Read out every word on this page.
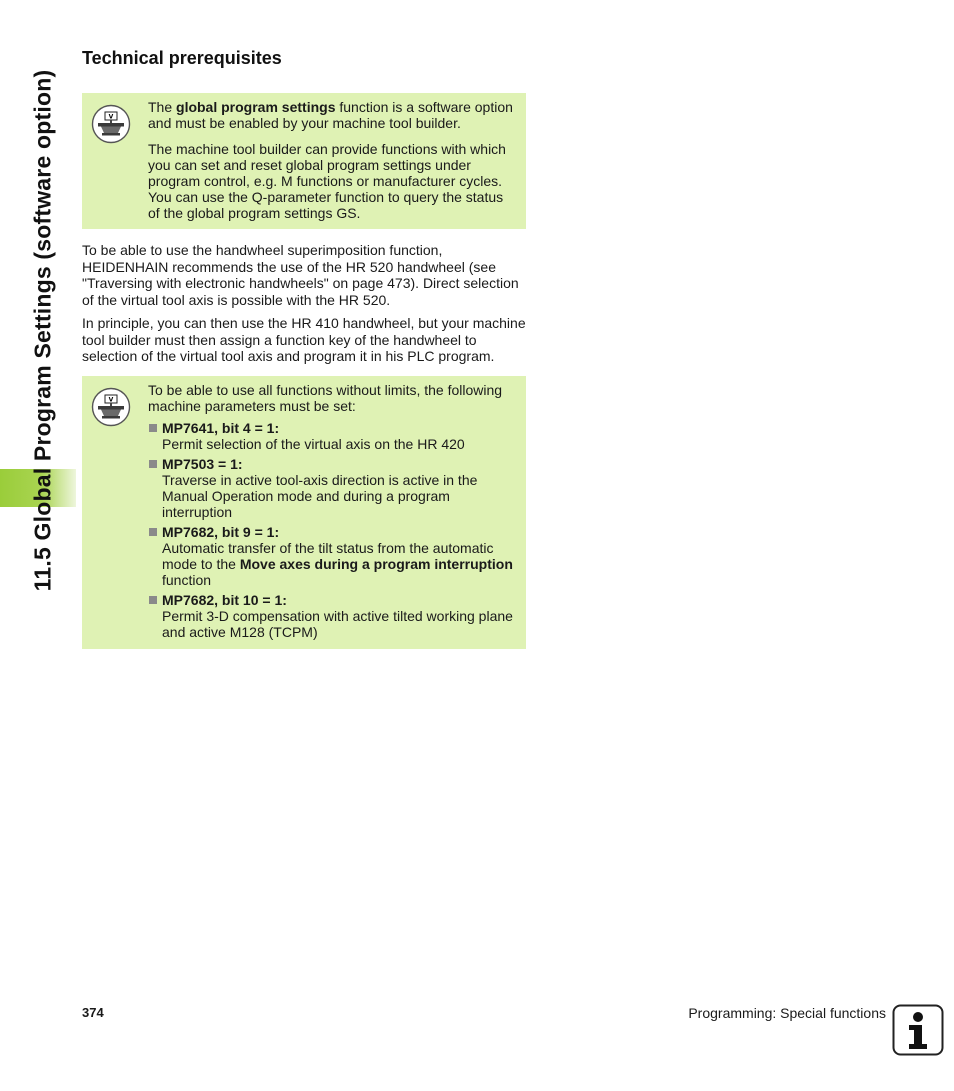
11.5 Global Program Settings (software option)
Technical prerequisites
V

The global program settings function is a software option and must be enabled by your machine tool builder.

The machine tool builder can provide functions with which you can set and reset global program settings under program control, e.g. M functions or manufacturer cycles. You can use the Q-parameter function to query the status of the global program settings GS.

To be able to use the handwheel superimposition function, HEIDENHAIN recommends the use of the HR 520 handwheel (see "Traversing with electronic handwheels" on page 473). Direct selection of the virtual tool axis is possible with the HR 520.

In principle, you can then use the HR 410 handwheel, but your machine tool builder must then assign a function key of the handwheel to selection of the virtual tool axis and program it in his PLC program.

V

To be able to use all functions without limits, the following machine parameters must be set:

MP7641, bit 4 = 1:
Permit selection of the virtual axis on the HR 420
MP7503 = 1:
Traverse in active tool-axis direction is active in the Manual Operation mode and during a program interruption
MP7682, bit 9 = 1:
Automatic transfer of the tilt status from the automatic mode to the Move axes during a program interruption function
MP7682, bit 10 = 1:
Permit 3-D compensation with active tilted working plane and active M128 (TCPM)
374	Programming: Special functions
